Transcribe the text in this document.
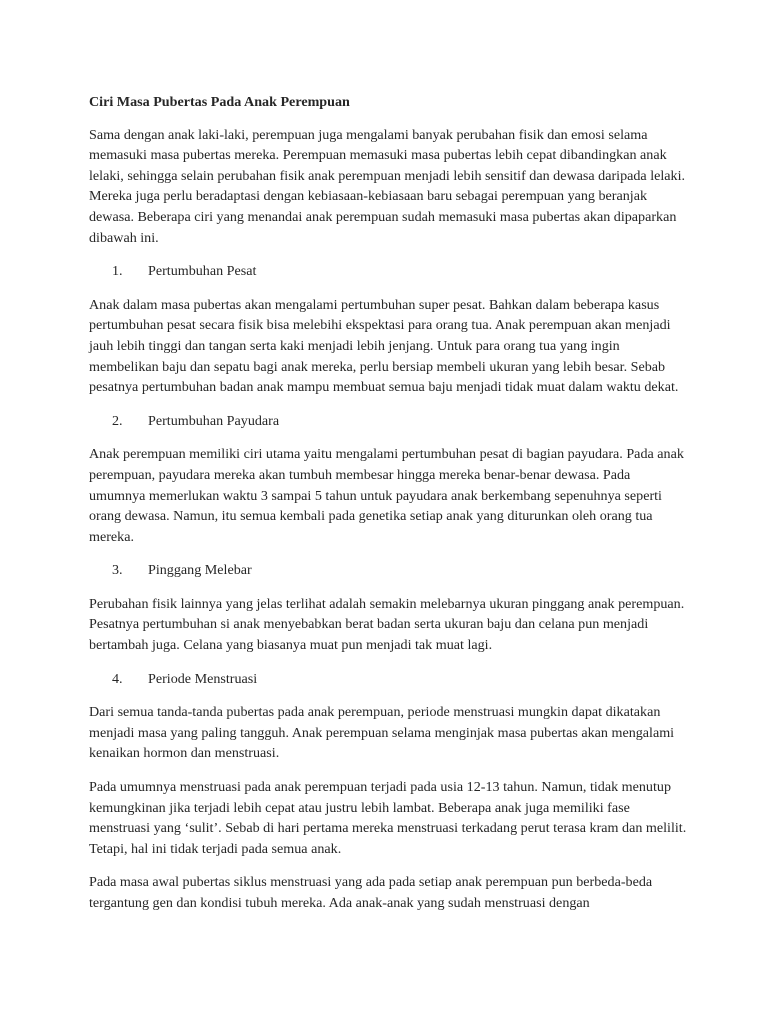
Ciri Masa Pubertas Pada Anak Perempuan
Sama dengan anak laki-laki, perempuan juga mengalami banyak perubahan fisik dan emosi selama memasuki masa pubertas mereka. Perempuan memasuki masa pubertas lebih cepat dibandingkan anak lelaki, sehingga selain perubahan fisik anak perempuan menjadi lebih sensitif dan dewasa daripada lelaki. Mereka juga perlu beradaptasi dengan kebiasaan-kebiasaan baru sebagai perempuan yang beranjak dewasa. Beberapa ciri yang menandai anak perempuan sudah memasuki masa pubertas akan dipaparkan dibawah ini.
1.	Pertumbuhan Pesat
Anak dalam masa pubertas akan mengalami pertumbuhan super pesat. Bahkan dalam beberapa kasus pertumbuhan pesat secara fisik bisa melebihi ekspektasi para orang tua. Anak perempuan akan menjadi jauh lebih tinggi dan tangan serta kaki menjadi lebih jenjang. Untuk para orang tua yang ingin membelikan baju dan sepatu bagi anak mereka, perlu bersiap membeli ukuran yang lebih besar. Sebab pesatnya pertumbuhan badan anak mampu membuat semua baju menjadi tidak muat dalam waktu dekat.
2.	Pertumbuhan Payudara
Anak perempuan memiliki ciri utama yaitu mengalami pertumbuhan pesat di bagian payudara. Pada anak perempuan, payudara mereka akan tumbuh membesar hingga mereka benar-benar dewasa. Pada umumnya memerlukan waktu 3 sampai 5 tahun untuk payudara anak berkembang sepenuhnya seperti orang dewasa. Namun, itu semua kembali pada genetika setiap anak yang diturunkan oleh orang tua mereka.
3.	Pinggang Melebar
Perubahan fisik lainnya yang jelas terlihat adalah semakin melebarnya ukuran pinggang anak perempuan. Pesatnya pertumbuhan si anak menyebabkan berat badan serta ukuran baju dan celana pun menjadi bertambah juga. Celana yang biasanya muat pun menjadi tak muat lagi.
4.	Periode Menstruasi
Dari semua tanda-tanda pubertas pada anak perempuan, periode menstruasi mungkin dapat dikatakan menjadi masa yang paling tangguh. Anak perempuan selama menginjak masa pubertas akan mengalami kenaikan hormon dan menstruasi.
Pada umumnya menstruasi pada anak perempuan terjadi pada usia 12-13 tahun. Namun, tidak menutup kemungkinan jika terjadi lebih cepat atau justru lebih lambat. Beberapa anak juga memiliki fase menstruasi yang ‘sulit’. Sebab di hari pertama mereka menstruasi terkadang perut terasa kram dan melilit. Tetapi, hal ini tidak terjadi pada semua anak.
Pada masa awal pubertas siklus menstruasi yang ada pada setiap anak perempuan pun berbeda-beda tergantung gen dan kondisi tubuh mereka. Ada anak-anak yang sudah menstruasi dengan
